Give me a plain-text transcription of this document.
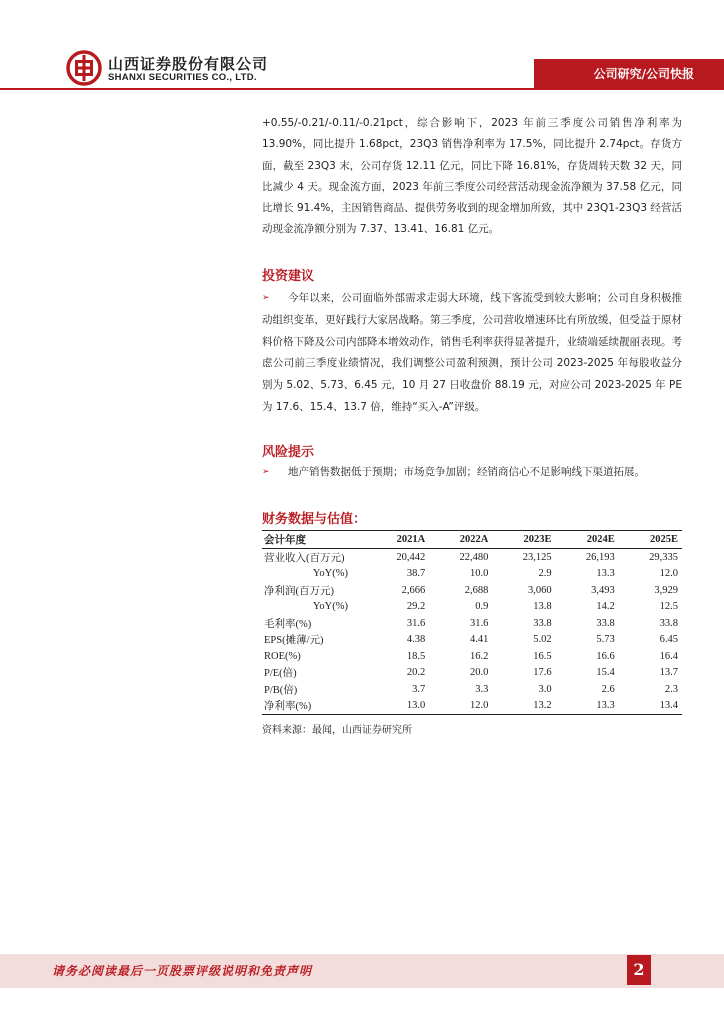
山西证券股份有限公司
SHANXI SECURITIES CO., LTD.	公司研究/公司快报

+0.55/-0.21/-0.11/-0.21pct，综合影响下，2023 年前三季度公司销售净利率为 13.90%，同比提升 1.68pct，23Q3 销售净利率为 17.5%，同比提升 2.74pct。存货方面，截至 23Q3 末，公司存货 12.11 亿元，同比下降 16.81%，存货周转天数 32 天，同比减少 4 天。现金流方面，2023 年前三季度公司经营活动现金流净额为 37.58 亿元，同比增长 91.4%，主因销售商品、提供劳务收到的现金增加所致，其中 23Q1-23Q3 经营活动现金流净额分别为 7.37、13.41、16.81 亿元。

投资建议
➢	今年以来，公司面临外部需求走弱大环境，线下客流受到较大影响；公司自身积极推动组织变革，更好践行大家居战略。第三季度，公司营收增速环比有所放缓，但受益于原材料价格下降及公司内部降本增效动作，销售毛利率获得显著提升，业绩端延续靓丽表现。考虑公司前三季度业绩情况，我们调整公司盈利预测，预计公司 2023-2025 年每股收益分别为 5.02、5.73、6.45 元，10 月 27 日收盘价 88.19 元，对应公司 2023-2025 年 PE 为 17.6、15.4、13.7 倍，维持“买入-A”评级。
风险提示
➢	地产销售数据低于预期；市场竞争加剧；经销商信心不足影响线下渠道拓展。
财务数据与估值：
会计年度	2021A	2022A	2023E	2024E	2025E
营业收入(百万元)	20,442	22,480	23,125	26,193	29,335
YoY(%)	38.7	10.0	2.9	13.3	12.0
净利润(百万元)	2,666	2,688	3,060	3,493	3,929
YoY(%)	29.2	0.9	13.8	14.2	12.5
毛利率(%)	31.6	31.6	33.8	33.8	33.8
EPS(摊薄/元)	4.38	4.41	5.02	5.73	6.45
ROE(%)	18.5	16.2	16.5	16.6	16.4
P/E(倍)	20.2	20.0	17.6	15.4	13.7
P/B(倍)	3.7	3.3	3.0	2.6	2.3
净利率(%)	13.0	12.0	13.2	13.3	13.4
资料来源：最闻，山西证券研究所
请务必阅读最后一页股票评级说明和免责声明	2
